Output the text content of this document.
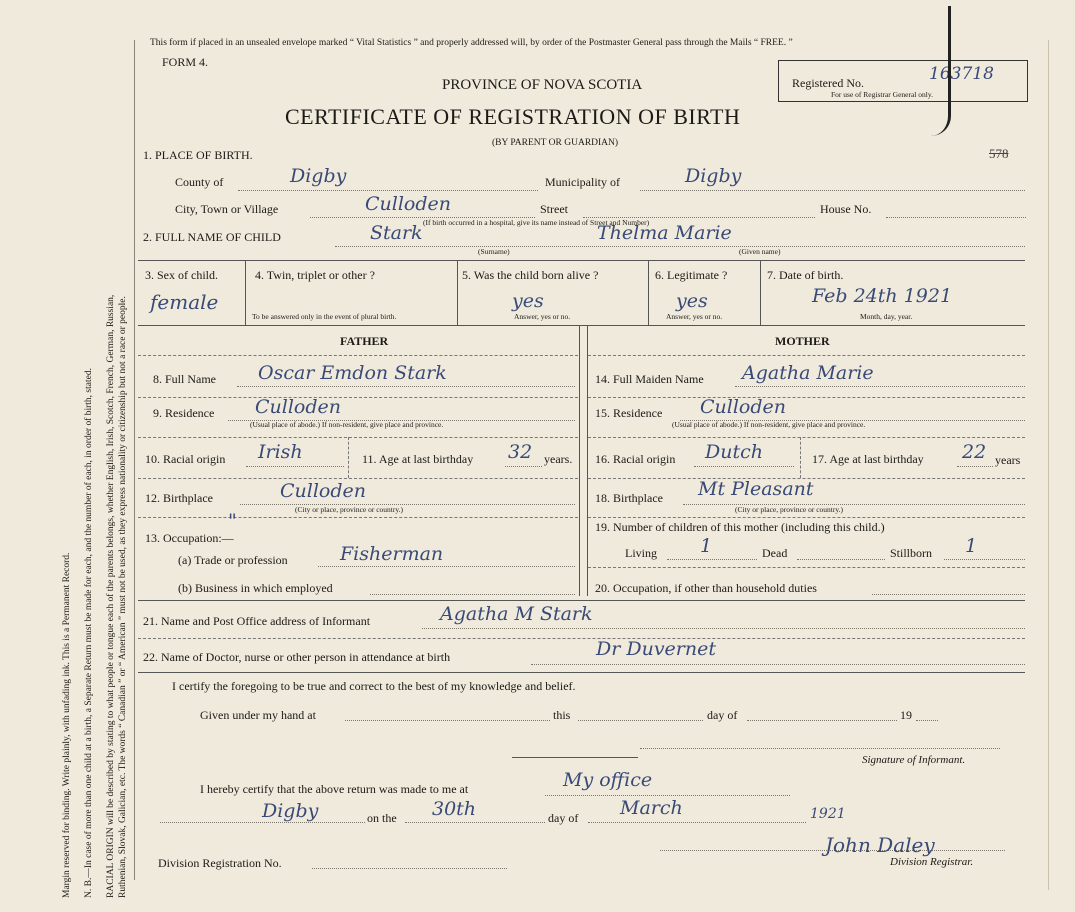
Margin reserved for binding. Write plainly, with unfading ink. This is a Permanent Record. N. B.—In case of more than one child at a birth, a Separate Return must be made for each, and the number of each, in order of birth, stated. RACIAL ORIGIN will be described by stating to what people or tongue each of the parents belongs, whether English, Irish, Scotch, French, German, Russian, Ruthenian, Slovak, Galician, etc. The words “ Canadian ” or “ American ” must not be used, as they express nationality or citizenship but not a race or people.
This form if placed in an unsealed envelope marked “ Vital Statistics ” and properly addressed will, by order of the Postmaster General pass through the Mails “ FREE. ”
FORM 4.
PROVINCE OF NOVA SCOTIA
CERTIFICATE OF REGISTRATION OF BIRTH
(BY PARENT OR GUARDIAN)
Registered No.	163718
For use of Registrar General only.
578
1. PLACE OF BIRTH.
County of	Digby	Municipality of	Digby
City, Town or Village	Culloden	Street	House No.
(If birth occurred in a hospital, give its name instead of Street and Number)
2. FULL NAME OF CHILD	Stark	Thelma Marie
(Surname)	(Given name)
3. Sex of child.
female
4. Twin, triplet or other ?
To be answered only in the event of plural birth.
5. Was the child born alive ?
yes
Answer, yes or no.
6. Legitimate ?
yes
Answer, yes or no.
7. Date of birth.
Feb 24th 1921
Month, day, year.
FATHER	MOTHER
8. Full Name Oscar Emdon Stark
9. Residence Culloden
(Usual place of abode.) If non-resident, give place and province.
10. Racial origin Irish	11. Age at last birthday 32 years.
12. Birthplace	Culloden
(City or place, province or country.)
13. Occupation:—
"
(a) Trade or profession	Fisherman
(b) Business in which employed
14. Full Maiden Name Agatha Marie
15. Residence Culloden
(Usual place of abode.) If non-resident, give place and province.
16. Racial origin Dutch	17. Age at last birthday 22 years
18. Birthplace Mt Pleasant
(City or place, province or country.)
19. Number of children of this mother (including this child.)
Living 1	Dead	Stillborn 1
20. Occupation, if other than household duties
21. Name and Post Office address of Informant	Agatha M Stark
22. Name of Doctor, nurse or other person in attendance at birth	Dr Duvernet
I certify the foregoing to be true and correct to the best of my knowledge and belief.
Given under my hand at	this	day of	19
Signature of Informant.
I hereby certify that the above return was made to me at	My office
Digby	on the 30th	day of March	1921
Division Registration No.
John Daley
Division Registrar.
